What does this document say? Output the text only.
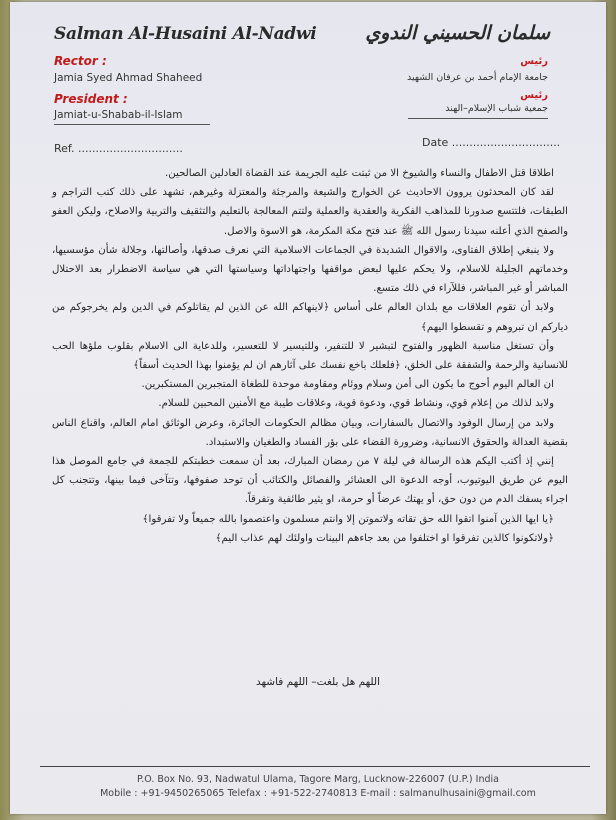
Salman Al-Husaini Al-Nadwi	سلمان الحسيني الندوي
Rector :
Jamia Syed Ahmad Shaheed
President :
Jamiat-u-Shabab-il-Islam
رئيس
جامعة الإمام أحمد بن عرفان الشهيد
رئيس
جمعية شباب الإسلام–الهند
Ref. ..............................	Date ...............................

اطلاقا قتل الاطفال والنساء والشيوخ الا من ثبتت عليه الجريمة عند القضاة العادلين الصالحين.

لقد كان المحدثون يروون الاحاديث عن الخوارج والشيعة والمرجئة والمعتزلة وغيرهم، تشهد على ذلك كتب التراجم و الطبقات، فلتتسع صدورنا للمذاهب الفكرية والعقدية والعملية ولتتم المعالجة بالتعليم والتثقيف والتربية والاصلاح، وليكن العفو والصفح الذي أعلنه سيدنا رسول الله ﷺ عند فتح مكة المكرمة، هو الاسوة والاصل.

ولا ينبغي إطلاق الفتاوى، والاقوال الشديدة في الجماعات الاسلامية التي نعرف صدقها، وأصالتها، وجلالة شأن مؤسسيها، وخدماتهم الجليلة للاسلام، ولا يحكم عليها لبعض مواقفها واجتهاداتها وسياستها التي هي سياسة الاضطرار بعد الاحتلال المباشر أو غير المباشر، فللآراء في ذلك متسع.

ولابد أن تقوم العلاقات مع بلدان العالم على أساس ﴿لاينهاكم الله عن الذين لم يقاتلوكم في الدين ولم يخرجوكم من دياركم ان تبروهم و تقسطوا اليهم﴾

وأن تستغل مناسبة الظهور والفتوح لتبشير لا للتنفير، وللتيسير لا للتعسير، وللدعاية الى الاسلام بقلوب ملؤها الحب للانسانية والرحمة والشفقة على الخلق، ﴿فلعلك باخع نفسك على آثارهم ان لم يؤمنوا بهذا الحديث أسفاً﴾

ان العالم اليوم أحوج ما يكون الى أمن وسلام ووئام ومقاومة موحدة للطغاة المتجبرين المستكبرين.

ولابد لذلك من إعلام قوي، ونشاط قوي، ودعوة قوية، وعلاقات طيبة مع الأمنين المحبين للسلام.

ولابد من إرسال الوفود والاتصال بالسفارات، وبيان مظالم الحكومات الجائرة، وعرض الوثائق امام العالم، واقناع الناس بقضية العدالة والحقوق الانسانية، وضرورة القضاء على بؤر الفساد والطغيان والاستبداد.

إنني إذ أكتب اليكم هذه الرسالة في ليلة ٧ من رمضان المبارك، بعد أن سمعت خطبتكم للجمعة في جامع الموصل هذا اليوم عن طريق اليوتيوب، أوجه الدعوة الى العشائر والفصائل والكتائب أن توحد صفوفها، وتتآخى فيما بينها، وتتجنب كل اجراء يسفك الدم من دون حق، أو يهتك عرضاً أو حرمة، او يثير طائفية وتفرقاً.

﴿يا ايها الذين آمنوا اتقوا الله حق تقاته ولاتموتن إلا وانتم مسلمون واعتصموا بالله جميعاً ولا تفرقوا﴾

﴿ولاتكونوا كالذين تفرقوا او اختلفوا من بعد جاءهم البينات واولئك لهم عذاب اليم﴾

اللهم هل بلغت– اللهم فاشهد
P.O. Box No. 93, Nadwatul Ulama, Tagore Marg, Lucknow-226007 (U.P.) India
Mobile : +91-9450265065 Telefax : +91-522-2740813 E-mail : salmanulhusaini@gmail.com
